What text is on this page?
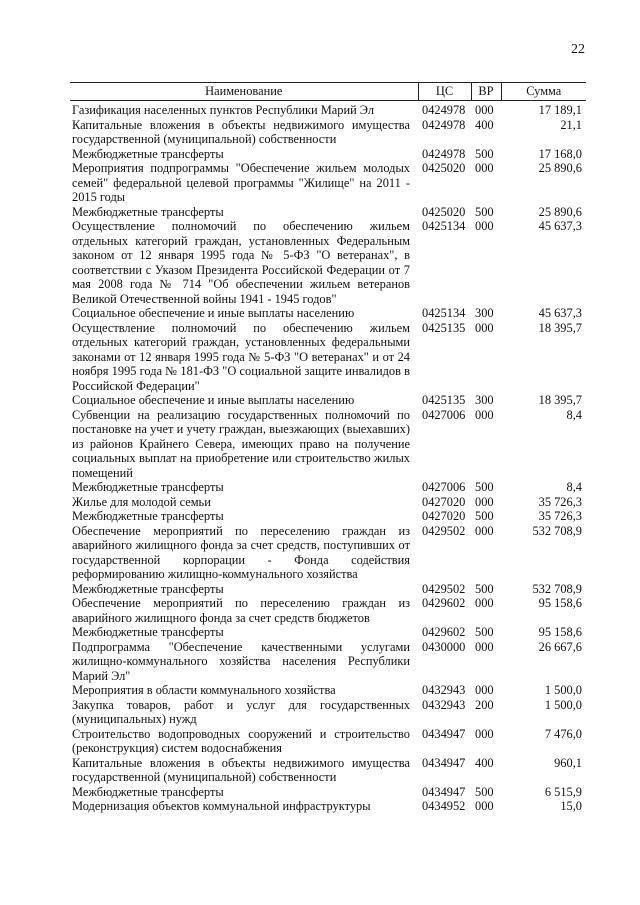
22
Наименование	ЦС	ВР	Сумма
Газификация населенных пунктов Республики Марий Эл	0424978	000	17 189,1
Капитальные вложения в объекты недвижимого имущества государственной (муниципальной) собственности	0424978	400	21,1
Межбюджетные трансферты	0424978	500	17 168,0
Мероприятия подпрограммы "Обеспечение жильем молодых семей" федеральной целевой программы "Жилище" на 2011 - 2015 годы	0425020	000	25 890,6
Межбюджетные трансферты	0425020	500	25 890,6
Осуществление полномочий по обеспечению жильем отдельных категорий граждан, установленных Федеральным законом от 12 января 1995 года № 5-ФЗ "О ветеранах", в соответствии с Указом Президента Российской Федерации от 7 мая 2008 года № 714 "Об обеспечении жильем ветеранов Великой Отечественной войны 1941 - 1945 годов"	0425134	000	45 637,3
Социальное обеспечение и иные выплаты населению	0425134	300	45 637,3
Осуществление полномочий по обеспечению жильем отдельных категорий граждан, установленных федеральными законами от 12 января 1995 года № 5-ФЗ "О ветеранах" и от 24 ноября 1995 года № 181-ФЗ "О социальной защите инвалидов в Российской Федерации"	0425135	000	18 395,7
Социальное обеспечение и иные выплаты населению	0425135	300	18 395,7
Субвенции на реализацию государственных полномочий по постановке на учет и учету граждан, выезжающих (выехавших) из районов Крайнего Севера, имеющих право на получение социальных выплат на приобретение или строительство жилых помещений	0427006	000	8,4
Межбюджетные трансферты	0427006	500	8,4
Жилье для молодой семьи	0427020	000	35 726,3
Межбюджетные трансферты	0427020	500	35 726,3
Обеспечение мероприятий по переселению граждан из аварийного жилищного фонда за счет средств, поступивших от государственной корпорации - Фонда содействия реформированию жилищно-коммунального хозяйства	0429502	000	532 708,9
Межбюджетные трансферты	0429502	500	532 708,9
Обеспечение мероприятий по переселению граждан из аварийного жилищного фонда за счет средств бюджетов	0429602	000	95 158,6
Межбюджетные трансферты	0429602	500	95 158,6
Подпрограмма "Обеспечение качественными услугами жилищно-коммунального хозяйства населения Республики Марий Эл"	0430000	000	26 667,6
Мероприятия в области коммунального хозяйства	0432943	000	1 500,0
Закупка товаров, работ и услуг для государственных (муниципальных) нужд	0432943	200	1 500,0
Строительство водопроводных сооружений и строительство (реконструкция) систем водоснабжения	0434947	000	7 476,0
Капитальные вложения в объекты недвижимого имущества государственной (муниципальной) собственности	0434947	400	960,1
Межбюджетные трансферты	0434947	500	6 515,9
Модернизация объектов коммунальной инфраструктуры	0434952	000	15,0
